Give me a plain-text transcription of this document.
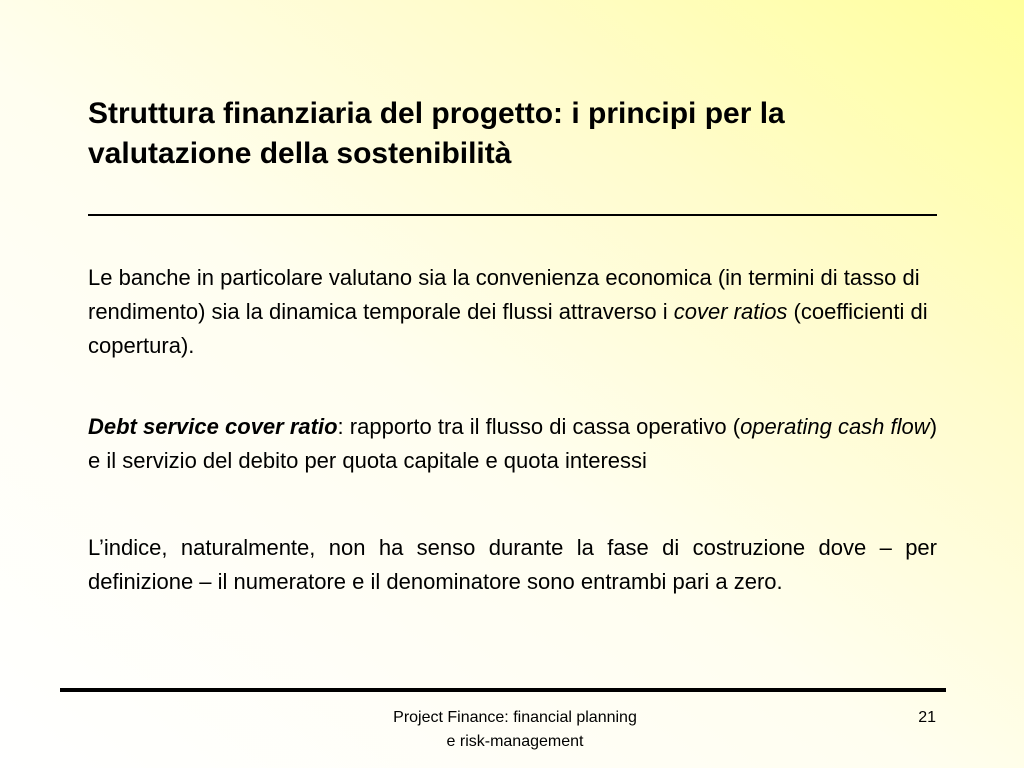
Struttura finanziaria del progetto: i principi per la valutazione della sostenibilità

Le banche in particolare valutano sia la convenienza economica (in termini di tasso di rendimento) sia la dinamica temporale dei flussi attraverso i cover ratios (coefficienti di copertura).

Debt service cover ratio: rapporto tra il flusso di cassa operativo (operating cash flow) e il servizio del debito per quota capitale e quota interessi

L’indice, naturalmente, non ha senso durante la fase di costruzione dove – per definizione – il numeratore e il denominatore sono entrambi pari a zero.

Project Finance: financial planning
e risk-management
21
